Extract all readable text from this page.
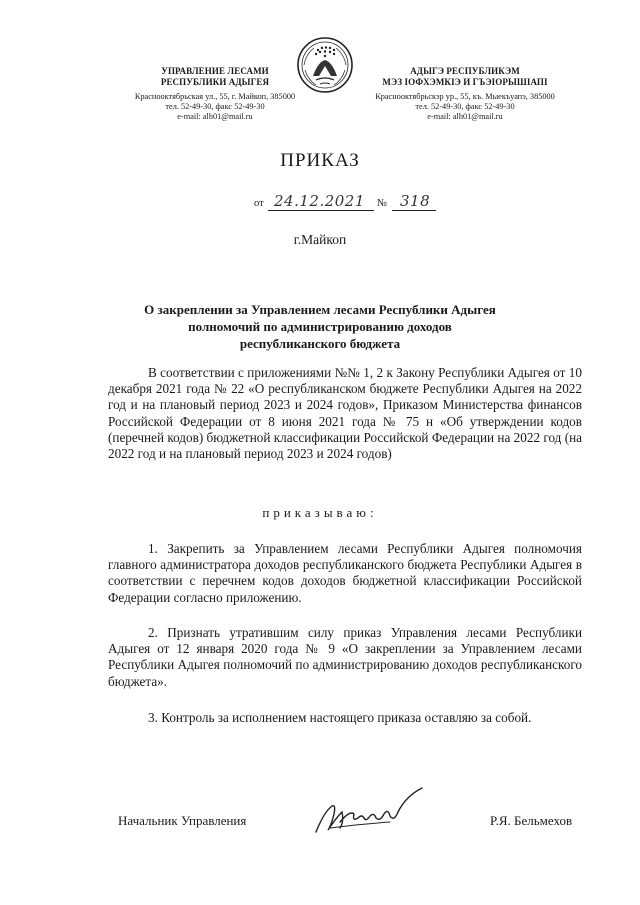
УПРАВЛЕНИЕ ЛЕСАМИ
РЕСПУБЛИКИ АДЫГЕЯ
Красноoктябрьская ул., 55, г. Майкоп, 385000
тел. 52-49-30, факс 52-49-30
e-mail: alh01@mail.ru
АДЫГЭ РЕСПУБЛИКЭМ
МЭЗ ІОФХЭМКІЭ И ГЪЭІОРЫШІАПІ
Красноoктябрьскэр ур., 55, къ. Мыекъуапэ, 385000
тел. 52-49-30, факс 52-49-30
e-mail: alh01@mail.ru
ПРИКАЗ
от 24.12.2021 № 318
г.Майкоп
О закреплении за Управлением лесами Республики Адыгея
полномочий по администрированию доходов
республиканского бюджета

В соответствии с приложениями №№ 1, 2 к Закону Республики Адыгея от 10 декабря 2021 года № 22 «О республиканском бюджете Республики Адыгея на 2022 год и на плановый период 2023 и 2024 годов», Приказом Министерства финансов Российской Федерации от 8 июня 2021 года № 75 н «Об утверждении кодов (перечней кодов) бюджетной классификации Российской Федерации на 2022 год (на 2022 год и на плановый период 2023 и 2024 годов)

приказываю:

1. Закрепить за Управлением лесами Республики Адыгея полномочия главного администратора доходов республиканского бюджета Республики Адыгея в соответствии с перечнем кодов доходов бюджетной классификации Российской Федерации согласно приложению.

2. Признать утратившим силу приказ Управления лесами Республики Адыгея от 12 января 2020 года № 9 «О закреплении за Управлением лесами Республики Адыгея полномочий по администрированию доходов республиканского бюджета».

3. Контроль за исполнением настоящего приказа оставляю за собой.

Начальник Управления	Р.Я. Бельмехов
